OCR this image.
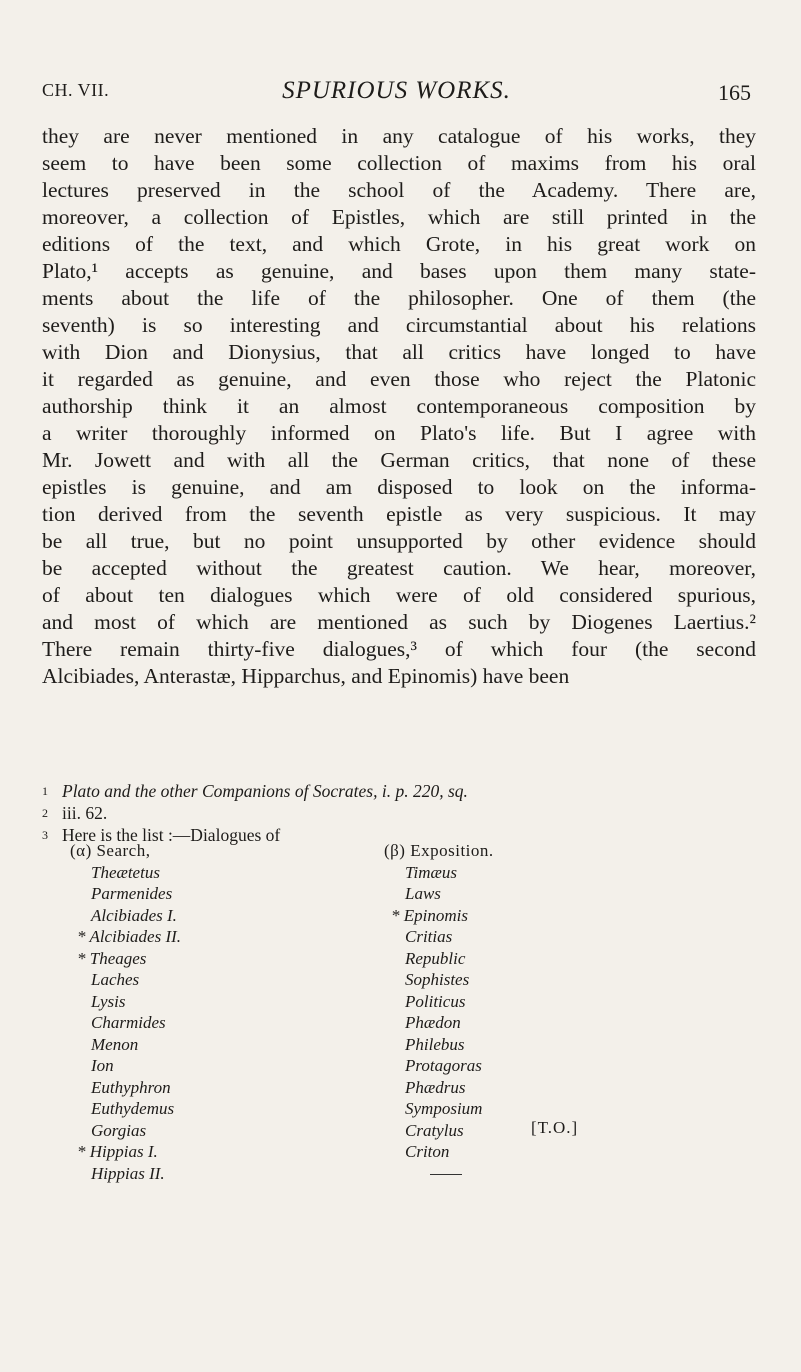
CH. VII.	SPURIOUS WORKS.	165
they are never mentioned in any catalogue of his works, they
seem to have been some collection of maxims from his oral
lectures preserved in the school of the Academy. There are,
moreover, a collection of Epistles, which are still printed in the
editions of the text, and which Grote, in his great work on
Plato,¹ accepts as genuine, and bases upon them many state-
ments about the life of the philosopher. One of them (the
seventh) is so interesting and circumstantial about his relations
with Dion and Dionysius, that all critics have longed to have
it regarded as genuine, and even those who reject the Platonic
authorship think it an almost contemporaneous composition by
a writer thoroughly informed on Plato's life. But I agree with
Mr. Jowett and with all the German critics, that none of these
epistles is genuine, and am disposed to look on the informa-
tion derived from the seventh epistle as very suspicious. It may
be all true, but no point unsupported by other evidence should
be accepted without the greatest caution. We hear, moreover,
of about ten dialogues which were of old considered spurious,
and most of which are mentioned as such by Diogenes Laertius.²
There remain thirty-five dialogues,³ of which four (the second
Alcibiades, Anterastæ, Hipparchus, and Epinomis) have been
1 Plato and the other Companions of Socrates, i. p. 220, sq.
2 iii. 62.
3 Here is the list :—Dialogues of
(α) Search,
Theætetus
Parmenides
Alcibiades I.
* Alcibiades II.
* Theages
Laches
Lysis
Charmides
Menon
Ion
Euthyphron
Euthydemus
Gorgias
* Hippias I.
Hippias II.
(β) Exposition.
Timæus
Laws
* Epinomis
Critias
Republic
Sophistes
Politicus
Phædon
Philebus
Protagoras
Phædrus
Symposium
Cratylus
Criton
[T.O.]
